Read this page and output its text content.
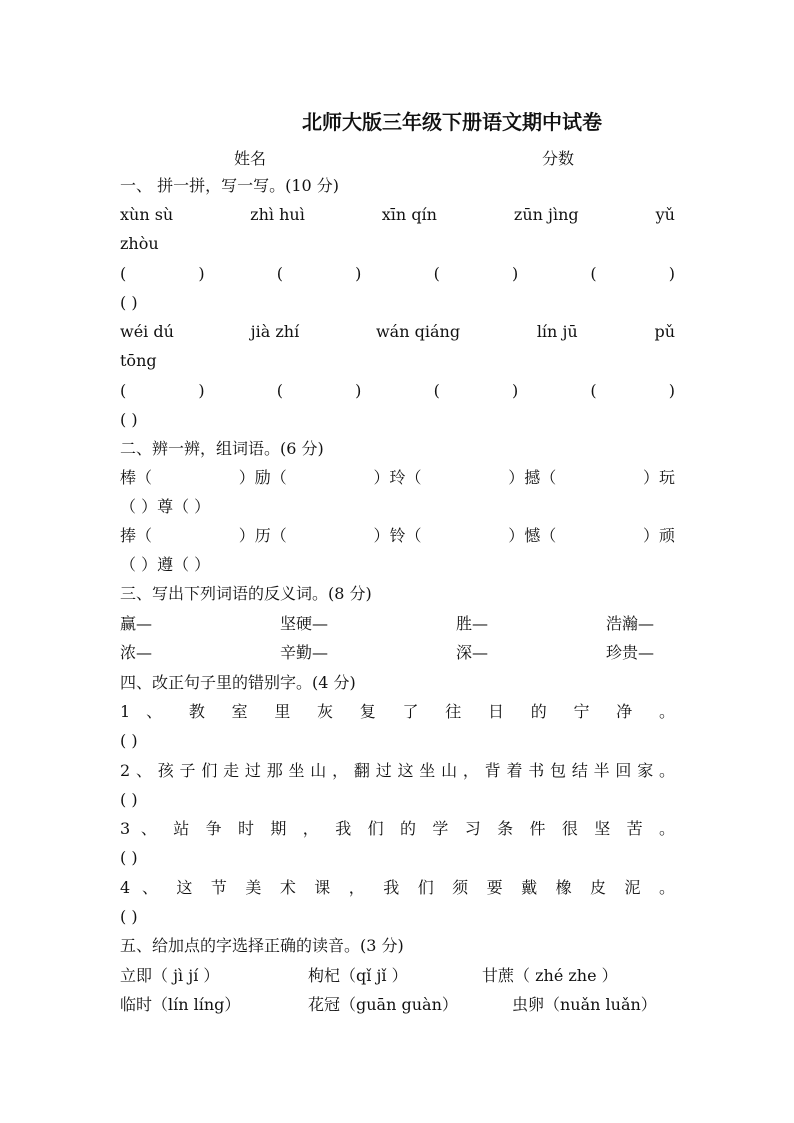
北师大版三年级下册语文期中试卷
姓名	分数
一、 拼一拼，写一写。(10 分)
xùn sù	zhì huì	xīn qín	zūn jìng	yǔ
zhòu
(	)	(	)	(	)	(	)
( )
wéi dú	jià zhí	wán qiáng	lín jū	pǔ
tōng
(	)	(	)	(	)	(	)
( )
二、辨一辨，组词语。(6 分)
棒（	）励（	）玲（	）撼（	）玩
（ ）尊（ ）
捧（	）历（	）铃（	）憾（	）顽
（ ）遵（ ）
三、写出下列词语的反义词。(8 分)
赢—	坚硬—	胜—	浩瀚—
浓—	辛勤—	深—	珍贵—
四、改正句子里的错别字。(4 分)
1 、 教 室 里 灰 复 了 往 日 的 宁 净 。
( )
2、孩子们走过那坐山，翻过这坐山，背着书包结半回家。
( )
3 、 站 争 时 期 ， 我 们 的 学 习 条 件 很 坚 苦 。
( )
4 、 这 节 美 术 课 ， 我 们 须 要 戴 橡 皮 泥 。
( )
五、给加点的字选择正确的读音。(3 分)
立即（ jì jí ）	枸杞（qǐ jǐ ）	甘蔗（ zhé zhe ）
临时（lín líng）	花冠（guān guàn）	虫卵（nuǎn luǎn）
